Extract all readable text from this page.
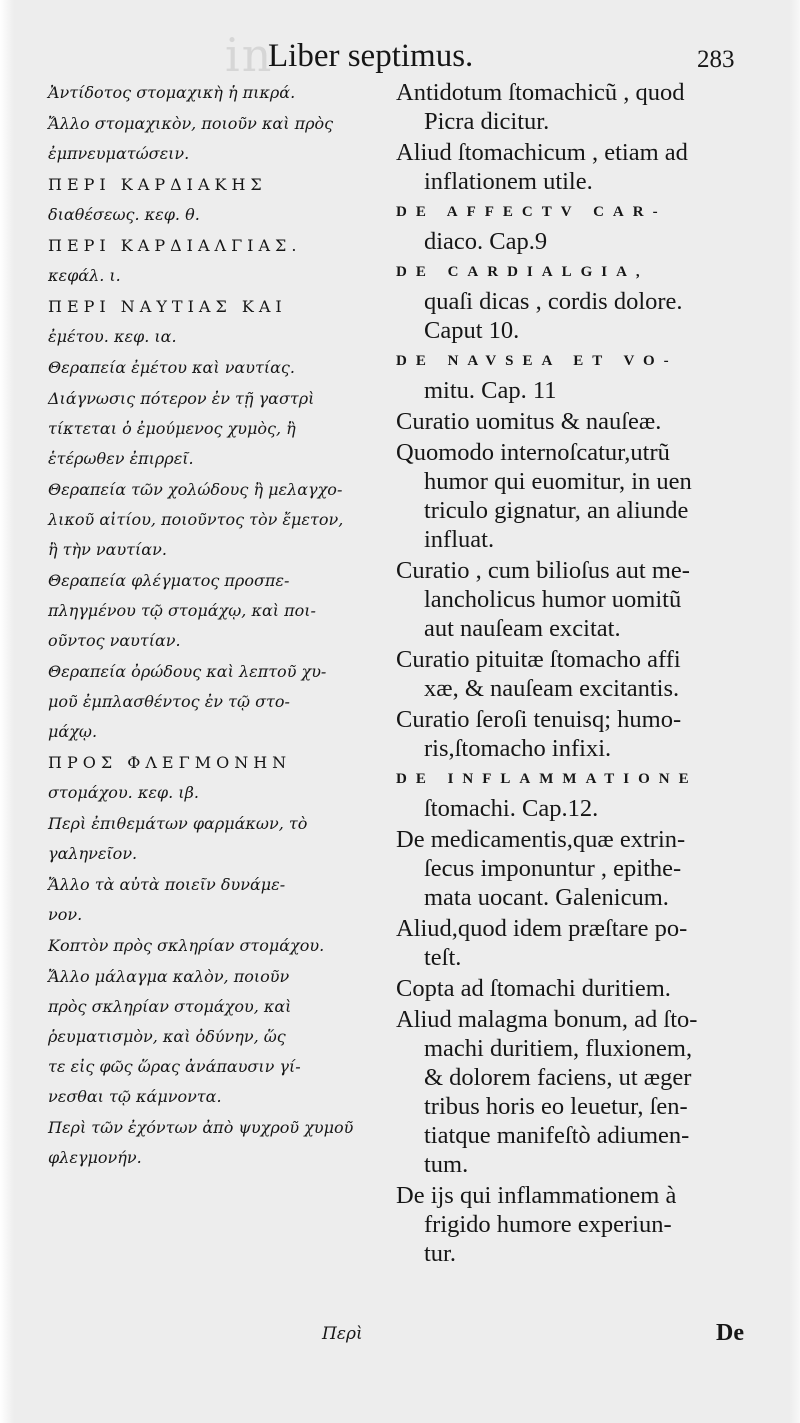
in
Liber septimus.	283
Ἀντίδοτος στομαχικὴ ἡ πικρά.
Ἄλλο στομαχικὸν, ποιοῦν καὶ πρὸς
ἐμπνευματώσειν.
ΠΕΡΙ ΚΑΡΔΙΑΚΗΣ
διαθέσεως. κεφ. θ.
ΠΕΡΙ ΚΑΡΔΙΑΛΓΙΑΣ.
κεφάλ. ι.
ΠΕΡΙ ΝΑΥΤΙΑΣ ΚΑΙ
ἐμέτου. κεφ. ια.
Θεραπεία ἐμέτου καὶ ναυτίας.
Διάγνωσις πότερον ἐν τῇ γαστρὶ
τίκτεται ὁ ἐμούμενος χυμὸς, ἢ
ἑτέρωθεν ἐπιρρεῖ.
Θεραπεία τῶν χολώδους ἢ μελαγχο-
λικοῦ αἰτίου, ποιοῦντος τὸν ἔμετον,
ἢ τὴν ναυτίαν.
Θεραπεία φλέγματος προσπε-
πληγμένου τῷ στομάχῳ, καὶ ποι-
οῦντος ναυτίαν.
Θεραπεία ὀρώδους καὶ λεπτοῦ χυ-
μοῦ ἐμπλασθέντος ἐν τῷ στο-
μάχῳ.
ΠΡΟΣ ΦΛΕΓΜΟΝΗΝ
στομάχου. κεφ. ιβ.
Περὶ ἐπιθεμάτων φαρμάκων, τὸ
γαληνεῖον.
Ἄλλο τὰ αὐτὰ ποιεῖν δυνάμε-
νον.
Κοπτὸν πρὸς σκληρίαν στομάχου.
Ἄλλο μάλαγμα καλὸν, ποιοῦν
πρὸς σκληρίαν στομάχου, καὶ
ῥευματισμὸν, καὶ ὀδύνην, ὥς
τε εἰς φῶς ὥρας ἀνάπαυσιν γί-
νεσθαι τῷ κάμνοντα.
Περὶ τῶν ἐχόντων ἀπὸ ψυχροῦ χυμοῦ
φλεγμονήν.
Antidotum ſtomachicũ , quod
Picra dicitur.
Aliud ſtomachicum , etiam ad
inflationem utile.
DE AFFECTV CAR-
diaco. Cap.9
DE CARDIALGIA,
quaſi dicas , cordis dolore.
Caput 10.
DE NAVSEA ET VO-
mitu. Cap. 11
Curatio uomitus & nauſeæ.
Quomodo internoſcatur,utrũ
humor qui euomitur, in uen
triculo gignatur, an aliunde
influat.
Curatio , cum bilioſus aut me-
lancholicus humor uomitũ
aut nauſeam excitat.
Curatio pituitæ ſtomacho affi
xæ, & nauſeam excitantis.
Curatio ſeroſi tenuisq; humo-
ris,ſtomacho infixi.
DE INFLAMMATIONE
ſtomachi. Cap.12.
De medicamentis,quæ extrin-
ſecus imponuntur , epithe-
mata uocant. Galenicum.
Aliud,quod idem præſtare po-
teſt.
Copta ad ſtomachi duritiem.
Aliud malagma bonum, ad ſto-
machi duritiem, fluxionem,
& dolorem faciens, ut æger
tribus horis eo leuetur, ſen-
tiatque manifeſtò adiumen-
tum.
De ijs qui inflammationem à
frigido humore experiun-
tur.
Περὶ	De
